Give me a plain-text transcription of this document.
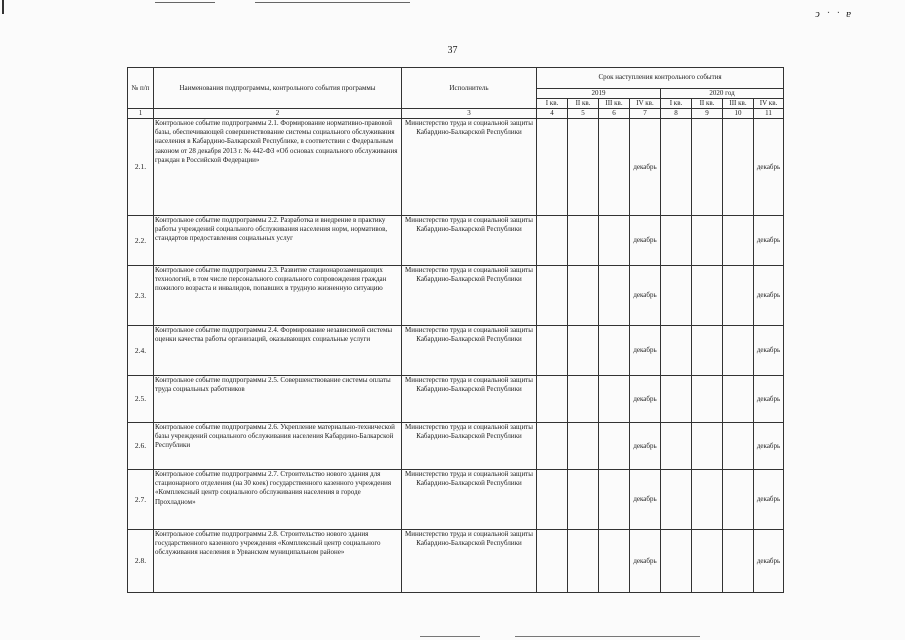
ↄ ˑ ˑ ɐ
37
№ п/п	Наименования подпрограммы, контрольного события программы	Исполнитель	Срок наступления контрольного события							
			2019				2020 год			
			I кв.	II кв.	III кв.	IV кв.	I кв.	II кв.	III кв.	IV кв.
1	2	3	4	5	6	7	8	9	10	11
2.1.	Контрольное событие подпрограммы 2.1. Формирование нормативно-правовой базы, обеспечивающей совершенствование системы социального обслуживания населения в Кабардино-Балкарской Республике, в соответствии с Федеральным законом от 28 декабря 2013 г. № 442-ФЗ «Об основах социального обслуживания граждан в Российской Федерации»	Министерство труда и социальной защиты Кабардино-Балкарской Республики				декабрь				декабрь
2.2.	Контрольное событие подпрограммы 2.2. Разработка и внедрение в практику работы учреждений социального обслуживания населения норм, нормативов, стандартов предоставления социальных услуг	Министерство труда и социальной защиты Кабардино-Балкарской Республики				декабрь				декабрь
2.3.	Контрольное событие подпрограммы 2.3. Развитие стационарозамещающих технологий, в том числе персонального социального сопровождения граждан пожилого возраста и инвалидов, попавших в трудную жизненную ситуацию	Министерство труда и социальной защиты Кабардино-Балкарской Республики				декабрь				декабрь
2.4.	Контрольное событие подпрограммы 2.4. Формирование независимой системы оценки качества работы организаций, оказывающих социальные услуги	Министерство труда и социальной защиты Кабардино-Балкарской Республики				декабрь				декабрь
2.5.	Контрольное событие подпрограммы 2.5. Совершенствование системы оплаты труда социальных работников	Министерство труда и социальной защиты Кабардино-Балкарской Республики				декабрь				декабрь
2.6.	Контрольное событие подпрограммы 2.6. Укрепление материально-технической базы учреждений социального обслуживания населения Кабардино-Балкарской Республики	Министерство труда и социальной защиты Кабардино-Балкарской Республики				декабрь				декабрь
2.7.	Контрольное событие подпрограммы 2.7. Строительство нового здания для стационарного отделения (на 30 коек) государственного казенного учреждения «Комплексный центр социального обслуживания населения в городе Прохладном»	Министерство труда и социальной защиты Кабардино-Балкарской Республики				декабрь				декабрь
2.8.	Контрольное событие подпрограммы 2.8. Строительство нового здания государственного казенного учреждения «Комплексный центр социального обслуживания населения в Урванском муниципальном районе»	Министерство труда и социальной защиты Кабардино-Балкарской Республики				декабрь				декабрь
